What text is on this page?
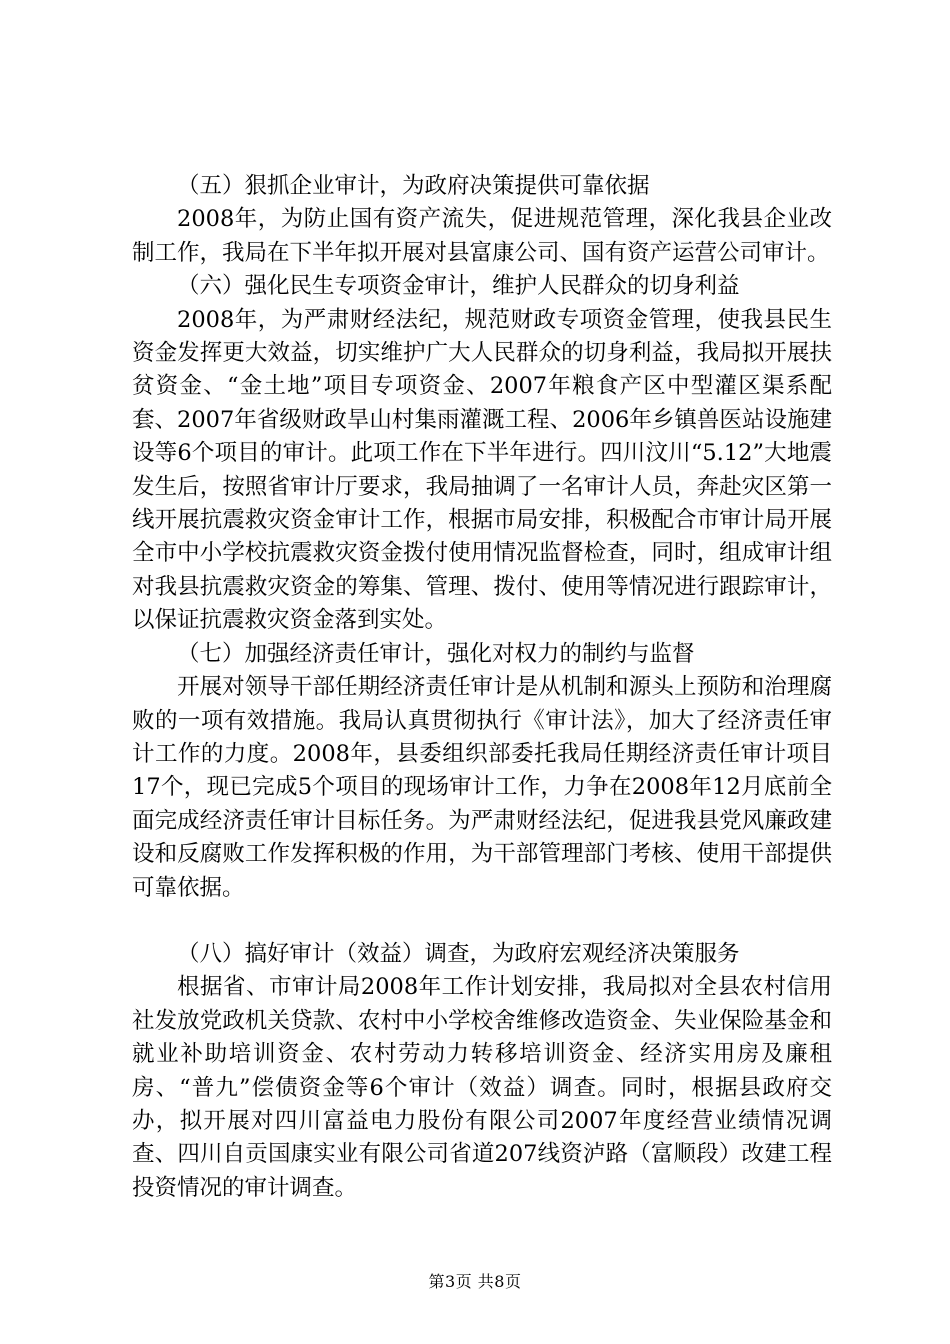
（五）狠抓企业审计，为政府决策提供可靠依据

2008年，为防止国有资产流失，促进规范管理，深化我县企业改制工作，我局在下半年拟开展对县富康公司、国有资产运营公司审计。

（六）强化民生专项资金审计，维护人民群众的切身利益

2008年，为严肃财经法纪，规范财政专项资金管理，使我县民生资金发挥更大效益，切实维护广大人民群众的切身利益，我局拟开展扶贫资金、“金土地”项目专项资金、2007年粮食产区中型灌区渠系配套、2007年省级财政旱山村集雨灌溉工程、2006年乡镇兽医站设施建设等6个项目的审计。此项工作在下半年进行。四川汶川“5.12”大地震发生后，按照省审计厅要求，我局抽调了一名审计人员，奔赴灾区第一线开展抗震救灾资金审计工作，根据市局安排，积极配合市审计局开展全市中小学校抗震救灾资金拨付使用情况监督检查，同时，组成审计组对我县抗震救灾资金的筹集、管理、拨付、使用等情况进行跟踪审计，以保证抗震救灾资金落到实处。

（七）加强经济责任审计，强化对权力的制约与监督

开展对领导干部任期经济责任审计是从机制和源头上预防和治理腐败的一项有效措施。我局认真贯彻执行《审计法》，加大了经济责任审计工作的力度。2008年，县委组织部委托我局任期经济责任审计项目17个，现已完成5个项目的现场审计工作，力争在2008年12月底前全面完成经济责任审计目标任务。为严肃财经法纪，促进我县党风廉政建设和反腐败工作发挥积极的作用，为干部管理部门考核、使用干部提供可靠依据。

（八）搞好审计（效益）调查，为政府宏观经济决策服务

根据省、市审计局2008年工作计划安排，我局拟对全县农村信用社发放党政机关贷款、农村中小学校舍维修改造资金、失业保险基金和就业补助培训资金、农村劳动力转移培训资金、经济实用房及廉租房、“普九”偿债资金等6个审计（效益）调查。同时，根据县政府交办，拟开展对四川富益电力股份有限公司2007年度经营业绩情况调查、四川自贡国康实业有限公司省道207线资泸路（富顺段）改建工程投资情况的审计调查。

第3页 共8页
